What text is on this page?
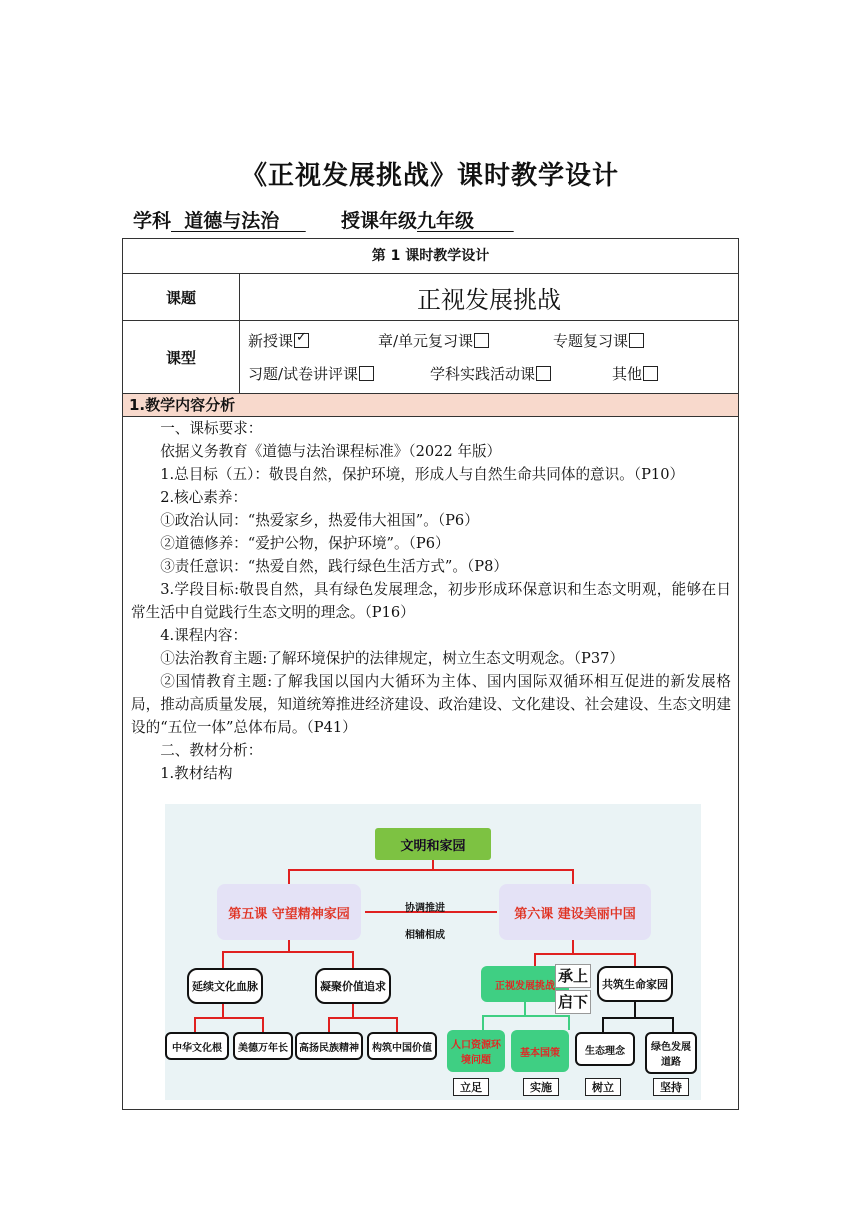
《正视发展挑战》课时教学设计
学科  道德与法治      授课年级九年级
第 1 课时教学设计
课题	正视发展挑战
课型
新授课✓	章/单元复习课	专题复习课
习题/试卷讲评课	学科实践活动课	其他
1.教学内容分析

一、课标要求：

依据义务教育《道德与法治课程标准》（2022 年版）

1.总目标（五）：敬畏自然，保护环境，形成人与自然生命共同体的意识。（P10）

2.核心素养：

①政治认同：“热爱家乡，热爱伟大祖国”。（P6）

②道德修养：“爱护公物，保护环境”。（P6）

③责任意识：“热爱自然，践行绿色生活方式”。（P8）

3.学段目标:敬畏自然，具有绿色发展理念，初步形成环保意识和生态文明观，能够在日常生活中自觉践行生态文明的理念。（P16）

4.课程内容：

①法治教育主题:了解环境保护的法律规定，树立生态文明观念。（P37）

②国情教育主题:了解我国以国内大循环为主体、国内国际双循环相互促进的新发展格局，推动高质量发展，知道统筹推进经济建设、政治建设、文化建设、社会建设、生态文明建设的“五位一体”总体布局。（P41）

二、教材分析：

1.教材结构

文明和家园
第五课 守望精神家园	第六课 建设美丽中国
协调推进
相辅相成
延续文化血脉	凝聚价值追求
中华文化根	美德万年长	高扬民族精神	构筑中国价值
正视发展挑战
承上
启下
共筑生命家园
人口资源环境问题
基本国策	生态理念	绿色发展道路
立足	实施	树立	坚持
